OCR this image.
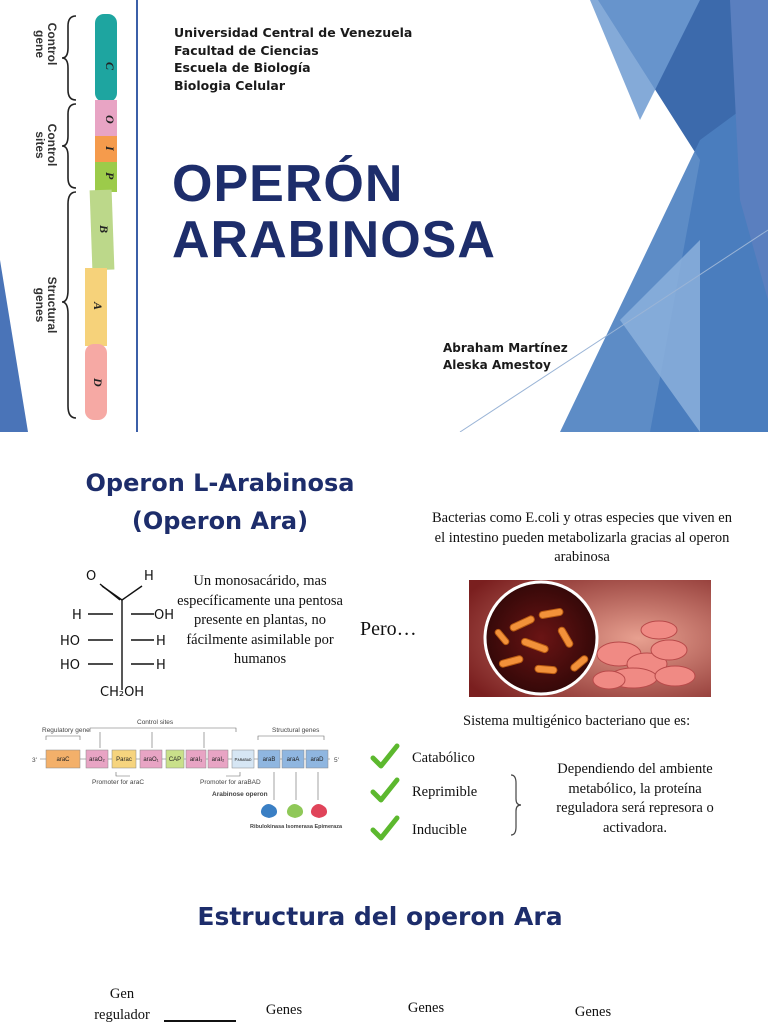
C
O
I
P
B
A
D
Control
gene
Control
sites
Structural
genes
Universidad Central de Venezuela
Facultad de Ciencias
Escuela de Biología
Biologia Celular
OPERÓN
ARABINOSA
Abraham Martínez
Aleska Amestoy
Operon L-Arabinosa
(Operon Ara)
O	H
H	OH
HO	H
HO	H
CH₂OH
Un monosacárido, mas específicamente una pentosa presente en plantas, no fácilmente asimilable por humanos
Pero…
Bacterias como E.coli y otras especies que viven en el intestino pueden metabolizarla gracias al operon arabinosa
Regulatory gene
Control sites
Structural genes
3'	5'
Promoter for araC	Promoter for araBAD
Arabinose operon
Ribulokinasa Isomerasa Epimeraza
araC	araO₂ Parac araO₁ CAP araI₁ araI₂ Pᴀʀᴀʙᴀᴅ araB araA araD
Sistema multigénico bacteriano que es:
Catabólico
Reprimible
Inducible
Dependiendo del ambiente metabólico, la proteína reguladora será represora o activadora.
Estructura del operon Ara
Gen
regulador	Genes	Genes	Genes
